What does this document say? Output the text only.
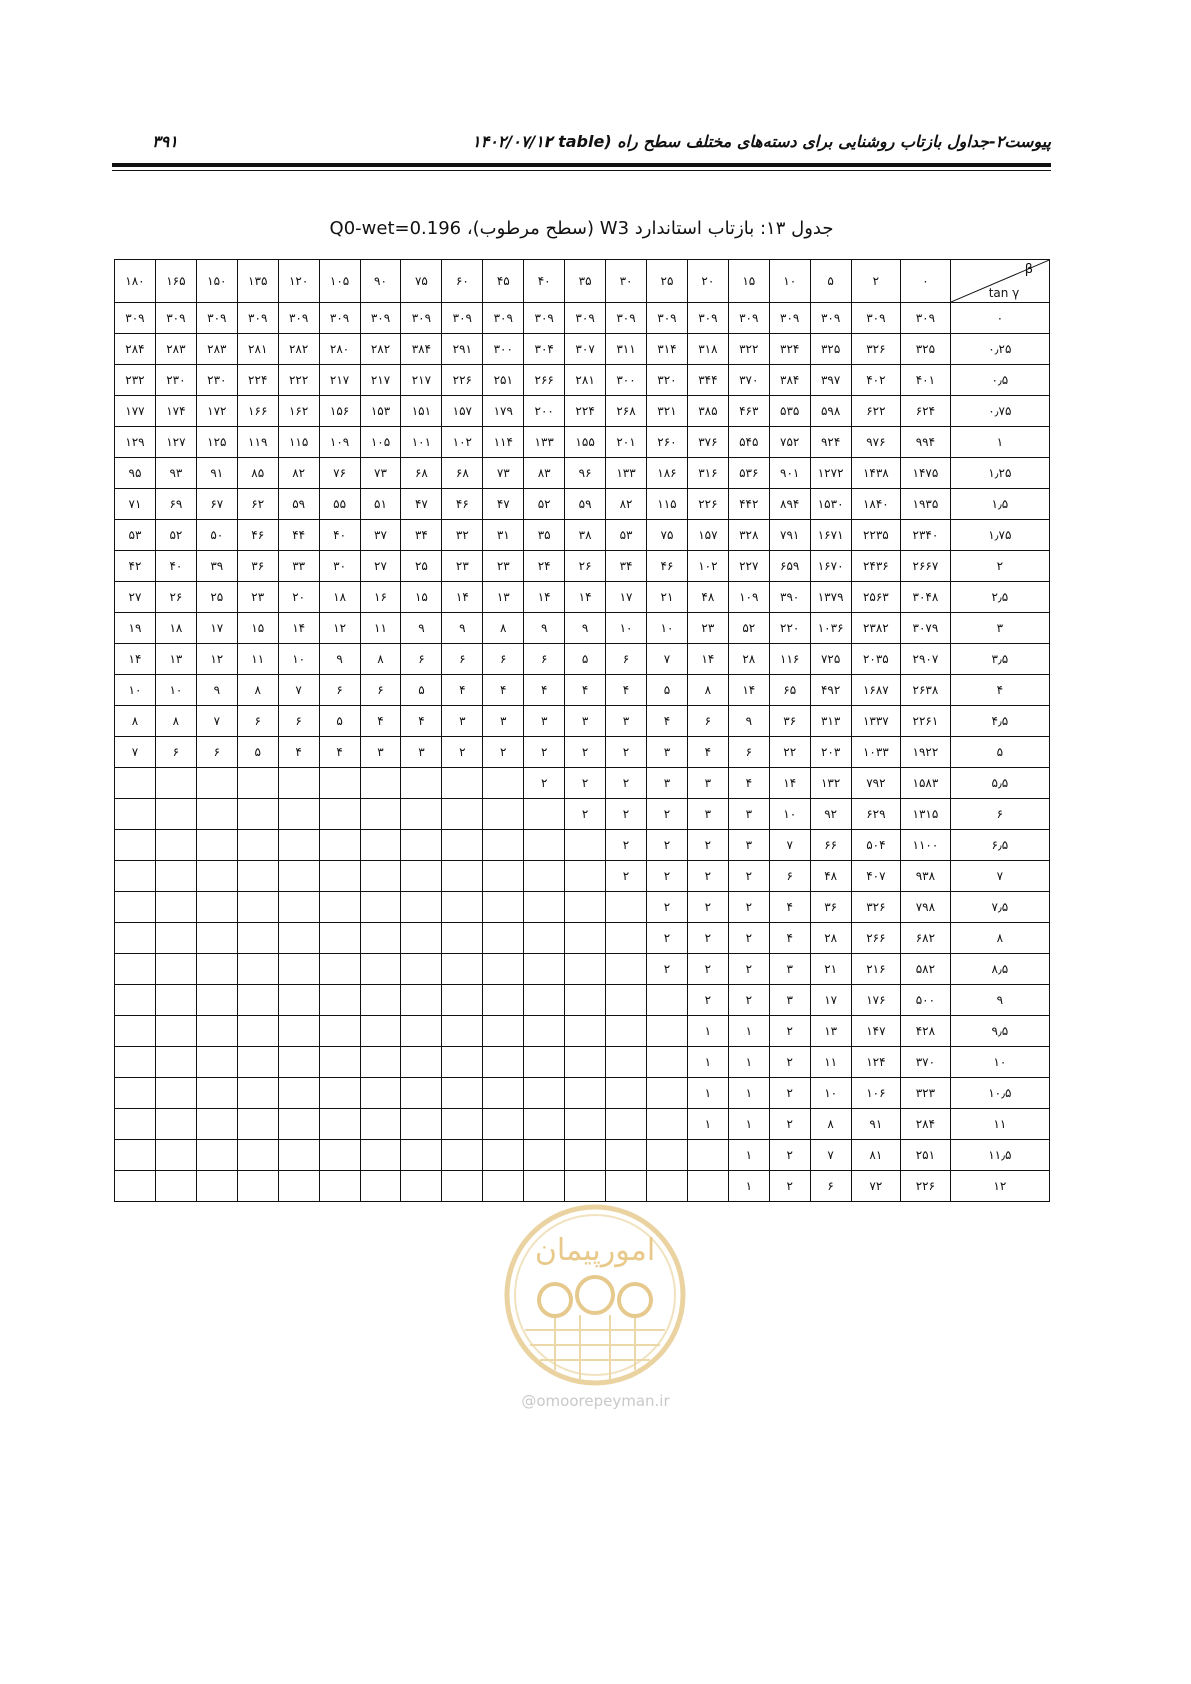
پیوست۲-جداول بازتاب روشنایی برای دسته‌های مختلف سطح راه (r table
۱۴۰۲/۰۷/۱۲
۳۹۱
جدول ۱۳: بازتاب استاندارد W3 (سطح مرطوب)، Q0-wet=0.196
۱۸۰	۱۶۵	۱۵۰	۱۳۵	۱۲۰	۱۰۵	۹۰	۷۵	۶۰	۴۵	۴۰	۳۵	۳۰	۲۵	۲۰	۱۵	۱۰	۵	۲	۰	β
tan γ

۳۰۹	۳۰۹	۳۰۹	۳۰۹	۳۰۹	۳۰۹	۳۰۹	۳۰۹	۳۰۹	۳۰۹	۳۰۹	۳۰۹	۳۰۹	۳۰۹	۳۰۹	۳۰۹	۳۰۹	۳۰۹	۳۰۹	۳۰۹	۰
۲۸۴	۲۸۳	۲۸۳	۲۸۱	۲۸۲	۲۸۰	۲۸۲	۳۸۴	۲۹۱	۳۰۰	۳۰۴	۳۰۷	۳۱۱	۳۱۴	۳۱۸	۳۲۲	۳۲۴	۳۲۵	۳۲۶	۳۲۵	۰٫۲۵
۲۳۲	۲۳۰	۲۳۰	۲۲۴	۲۲۲	۲۱۷	۲۱۷	۲۱۷	۲۲۶	۲۵۱	۲۶۶	۲۸۱	۳۰۰	۳۲۰	۳۴۴	۳۷۰	۳۸۴	۳۹۷	۴۰۲	۴۰۱	۰٫۵
۱۷۷	۱۷۴	۱۷۲	۱۶۶	۱۶۲	۱۵۶	۱۵۳	۱۵۱	۱۵۷	۱۷۹	۲۰۰	۲۲۴	۲۶۸	۳۲۱	۳۸۵	۴۶۳	۵۳۵	۵۹۸	۶۲۲	۶۲۴	۰٫۷۵
۱۲۹	۱۲۷	۱۲۵	۱۱۹	۱۱۵	۱۰۹	۱۰۵	۱۰۱	۱۰۲	۱۱۴	۱۳۳	۱۵۵	۲۰۱	۲۶۰	۳۷۶	۵۴۵	۷۵۲	۹۲۴	۹۷۶	۹۹۴	۱
۹۵	۹۳	۹۱	۸۵	۸۲	۷۶	۷۳	۶۸	۶۸	۷۳	۸۳	۹۶	۱۳۳	۱۸۶	۳۱۶	۵۳۶	۹۰۱	۱۲۷۲	۱۴۳۸	۱۴۷۵	۱٫۲۵
۷۱	۶۹	۶۷	۶۲	۵۹	۵۵	۵۱	۴۷	۴۶	۴۷	۵۲	۵۹	۸۲	۱۱۵	۲۲۶	۴۴۲	۸۹۴	۱۵۳۰	۱۸۴۰	۱۹۳۵	۱٫۵
۵۳	۵۲	۵۰	۴۶	۴۴	۴۰	۳۷	۳۴	۳۲	۳۱	۳۵	۳۸	۵۳	۷۵	۱۵۷	۳۲۸	۷۹۱	۱۶۷۱	۲۲۳۵	۲۳۴۰	۱٫۷۵
۴۲	۴۰	۳۹	۳۶	۳۳	۳۰	۲۷	۲۵	۲۳	۲۳	۲۴	۲۶	۳۴	۴۶	۱۰۲	۲۲۷	۶۵۹	۱۶۷۰	۲۴۳۶	۲۶۶۷	۲
۲۷	۲۶	۲۵	۲۳	۲۰	۱۸	۱۶	۱۵	۱۴	۱۳	۱۴	۱۴	۱۷	۲۱	۴۸	۱۰۹	۳۹۰	۱۳۷۹	۲۵۶۳	۳۰۴۸	۲٫۵
۱۹	۱۸	۱۷	۱۵	۱۴	۱۲	۱۱	۹	۹	۸	۹	۹	۱۰	۱۰	۲۳	۵۲	۲۲۰	۱۰۳۶	۲۳۸۲	۳۰۷۹	۳
۱۴	۱۳	۱۲	۱۱	۱۰	۹	۸	۶	۶	۶	۶	۵	۶	۷	۱۴	۲۸	۱۱۶	۷۲۵	۲۰۳۵	۲۹۰۷	۳٫۵
۱۰	۱۰	۹	۸	۷	۶	۶	۵	۴	۴	۴	۴	۴	۵	۸	۱۴	۶۵	۴۹۲	۱۶۸۷	۲۶۳۸	۴
۸	۸	۷	۶	۶	۵	۴	۴	۳	۳	۳	۳	۳	۴	۶	۹	۳۶	۳۱۳	۱۳۳۷	۲۲۶۱	۴٫۵
۷	۶	۶	۵	۴	۴	۳	۳	۲	۲	۲	۲	۲	۳	۴	۶	۲۲	۲۰۳	۱۰۳۳	۱۹۲۲	۵
										۲	۲	۲	۳	۳	۴	۱۴	۱۳۲	۷۹۲	۱۵۸۳	۵٫۵
											۲	۲	۲	۳	۳	۱۰	۹۲	۶۲۹	۱۳۱۵	۶
												۲	۲	۲	۳	۷	۶۶	۵۰۴	۱۱۰۰	۶٫۵
												۲	۲	۲	۲	۶	۴۸	۴۰۷	۹۳۸	۷
													۲	۲	۲	۴	۳۶	۳۲۶	۷۹۸	۷٫۵
													۲	۲	۲	۴	۲۸	۲۶۶	۶۸۲	۸
													۲	۲	۲	۳	۲۱	۲۱۶	۵۸۲	۸٫۵
														۲	۲	۳	۱۷	۱۷۶	۵۰۰	۹
														۱	۱	۲	۱۳	۱۴۷	۴۲۸	۹٫۵
														۱	۱	۲	۱۱	۱۲۴	۳۷۰	۱۰
														۱	۱	۲	۱۰	۱۰۶	۳۲۳	۱۰٫۵
														۱	۱	۲	۸	۹۱	۲۸۴	۱۱
															۱	۲	۷	۸۱	۲۵۱	۱۱٫۵
															۱	۲	۶	۷۲	۲۲۶	۱۲
امورپیمان
@omoorepeyman.ir
